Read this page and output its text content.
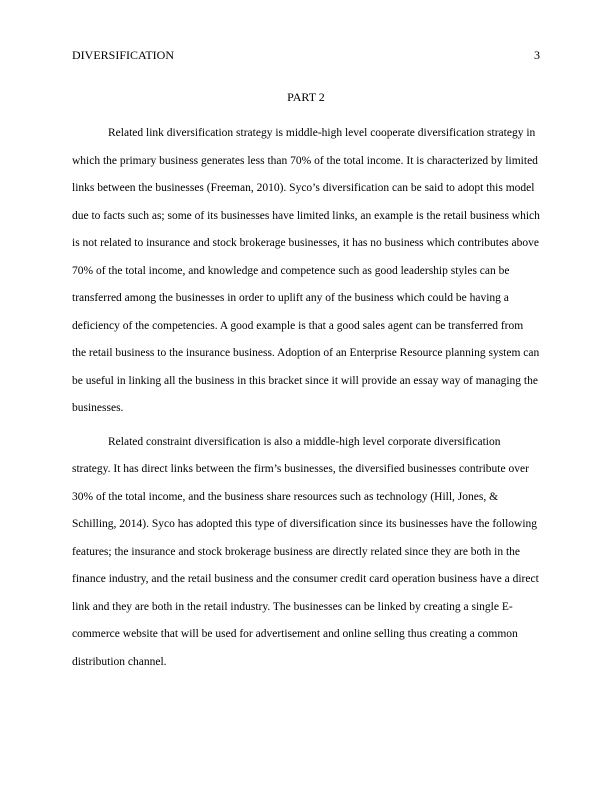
DIVERSIFICATION	3
PART 2

Related link diversification strategy is middle-high level cooperate diversification strategy in which the primary business generates less than 70% of the total income. It is characterized by limited links between the businesses (Freeman, 2010). Syco’s diversification can be said to adopt this model due to facts such as; some of its businesses have limited links, an example is the retail business which is not related to insurance and stock brokerage businesses, it has no business which contributes above 70% of the total income, and knowledge and competence such as good leadership styles can be transferred among the businesses in order to uplift any of the business which could be having a deficiency of the competencies. A good example is that a good sales agent can be transferred from the retail business to the insurance business. Adoption of an Enterprise Resource planning system can be useful in linking all the business in this bracket since it will provide an essay way of managing the businesses.

Related constraint diversification is also a middle-high level corporate diversification strategy. It has direct links between the firm’s businesses, the diversified businesses contribute over 30% of the total income, and the business share resources such as technology (Hill, Jones, & Schilling, 2014). Syco has adopted this type of diversification since its businesses have the following features; the insurance and stock brokerage business are directly related since they are both in the finance industry, and the retail business and the consumer credit card operation business have a direct link and they are both in the retail industry. The businesses can be linked by creating a single E-commerce website that will be used for advertisement and online selling thus creating a common distribution channel.
